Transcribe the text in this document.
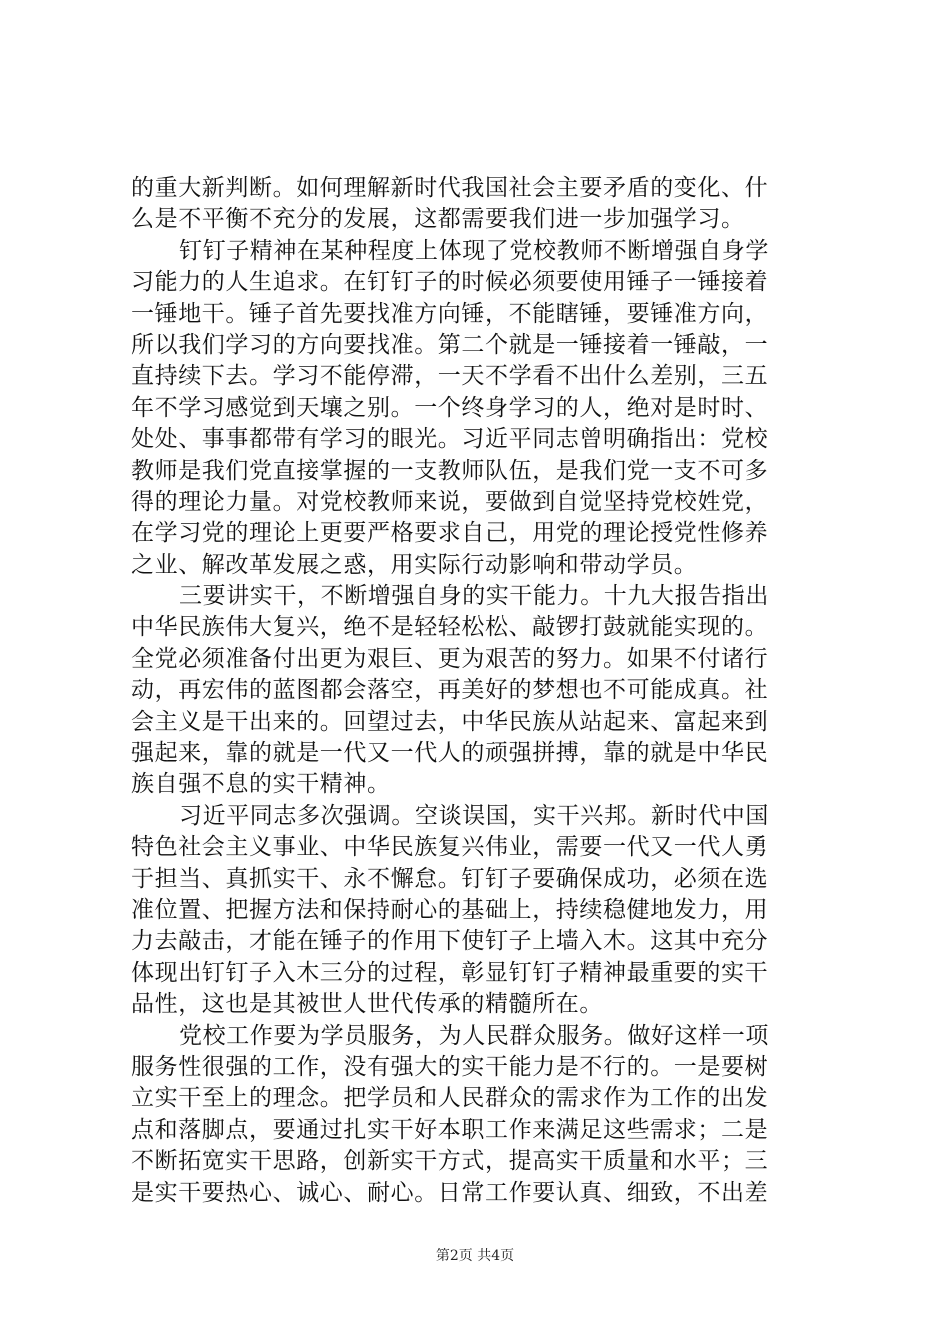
的重大新判断。如何理解新时代我国社会主要矛盾的变化、什
么是不平衡不充分的发展，这都需要我们进一步加强学习。
钉钉子精神在某种程度上体现了党校教师不断增强自身学
习能力的人生追求。在钉钉子的时候必须要使用锤子一锤接着
一锤地干。锤子首先要找准方向锤，不能瞎锤，要锤准方向，
所以我们学习的方向要找准。第二个就是一锤接着一锤敲，一
直持续下去。学习不能停滞，一天不学看不出什么差别，三五
年不学习感觉到天壤之别。一个终身学习的人，绝对是时时、
处处、事事都带有学习的眼光。习近平同志曾明确指出：党校
教师是我们党直接掌握的一支教师队伍，是我们党一支不可多
得的理论力量。对党校教师来说，要做到自觉坚持党校姓党，
在学习党的理论上更要严格要求自己，用党的理论授党性修养
之业、解改革发展之惑，用实际行动影响和带动学员。
三要讲实干，不断增强自身的实干能力。十九大报告指出
中华民族伟大复兴，绝不是轻轻松松、敲锣打鼓就能实现的。
全党必须准备付出更为艰巨、更为艰苦的努力。如果不付诸行
动，再宏伟的蓝图都会落空，再美好的梦想也不可能成真。社
会主义是干出来的。回望过去，中华民族从站起来、富起来到
强起来，靠的就是一代又一代人的顽强拼搏，靠的就是中华民
族自强不息的实干精神。
习近平同志多次强调。空谈误国，实干兴邦。新时代中国
特色社会主义事业、中华民族复兴伟业，需要一代又一代人勇
于担当、真抓实干、永不懈怠。钉钉子要确保成功，必须在选
准位置、把握方法和保持耐心的基础上，持续稳健地发力，用
力去敲击，才能在锤子的作用下使钉子上墙入木。这其中充分
体现出钉钉子入木三分的过程，彰显钉钉子精神最重要的实干
品性，这也是其被世人世代传承的精髓所在。
党校工作要为学员服务，为人民群众服务。做好这样一项
服务性很强的工作，没有强大的实干能力是不行的。一是要树
立实干至上的理念。把学员和人民群众的需求作为工作的出发
点和落脚点，要通过扎实干好本职工作来满足这些需求；二是
不断拓宽实干思路，创新实干方式，提高实干质量和水平；三
是实干要热心、诚心、耐心。日常工作要认真、细致，不出差
第2页 共4页
